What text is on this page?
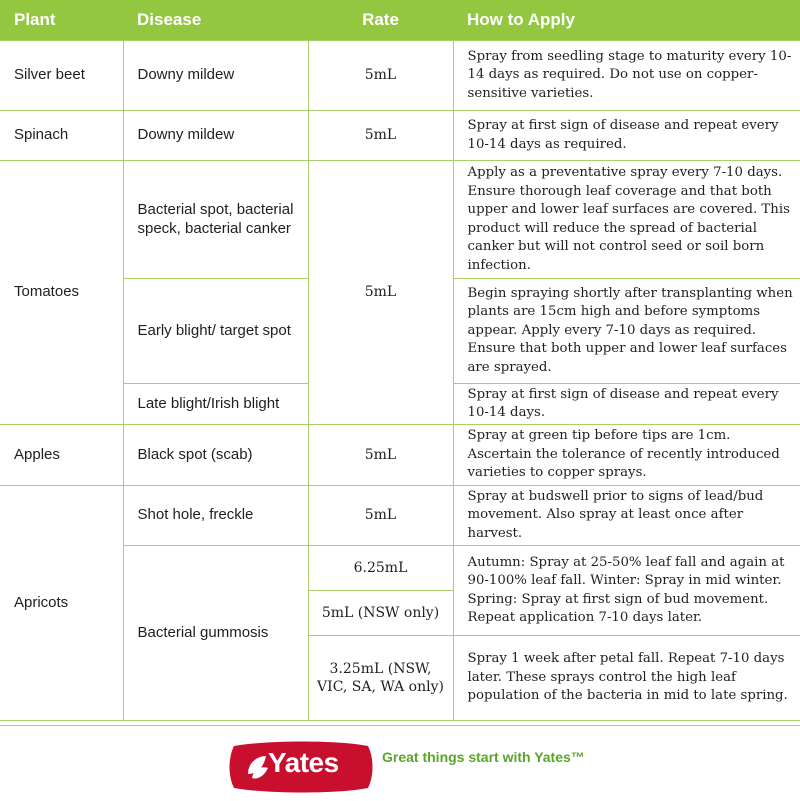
Plant	Disease	Rate	How to Apply
Silver beet	Downy mildew	5mL	Spray from seedling stage to maturity every 10-14 days as required. Do not use on copper-sensitive varieties.
Spinach	Downy mildew	5mL	Spray at first sign of disease and repeat every 10-14 days as required.
Tomatoes	Bacterial spot, bacterial speck, bacterial canker	5mL	Apply as a preventative spray every 7-10 days. Ensure thorough leaf coverage and that both upper and lower leaf surfaces are covered. This product will reduce the spread of bacterial canker but will not control seed or soil born infection.
	Early blight/ target spot		Begin spraying shortly after transplanting when plants are 15cm high and before symptoms appear. Apply every 7-10 days as required. Ensure that both upper and lower leaf surfaces are sprayed.
	Late blight/Irish blight		Spray at first sign of disease and repeat every 10-14 days.
Apples	Black spot (scab)	5mL	Spray at green tip before tips are 1cm. Ascertain the tolerance of recently introduced varieties to copper sprays.
Apricots	Shot hole, freckle	5mL	Spray at budswell prior to signs of lead/bud movement. Also spray at least once after harvest.
	Bacterial gummosis	6.25mL	Autumn: Spray at 25-50% leaf fall and again at 90-100% leaf fall. Winter: Spray in mid winter. Spring: Spray at first sign of bud movement. Repeat application 7-10 days later.
		5mL (NSW only)	
		3.25mL (NSW, VIC, SA, WA only)	Spray 1 week after petal fall. Repeat 7-10 days later. These sprays control the high leaf population of the bacteria in mid to late spring.
Yates	Great things start with Yates™
